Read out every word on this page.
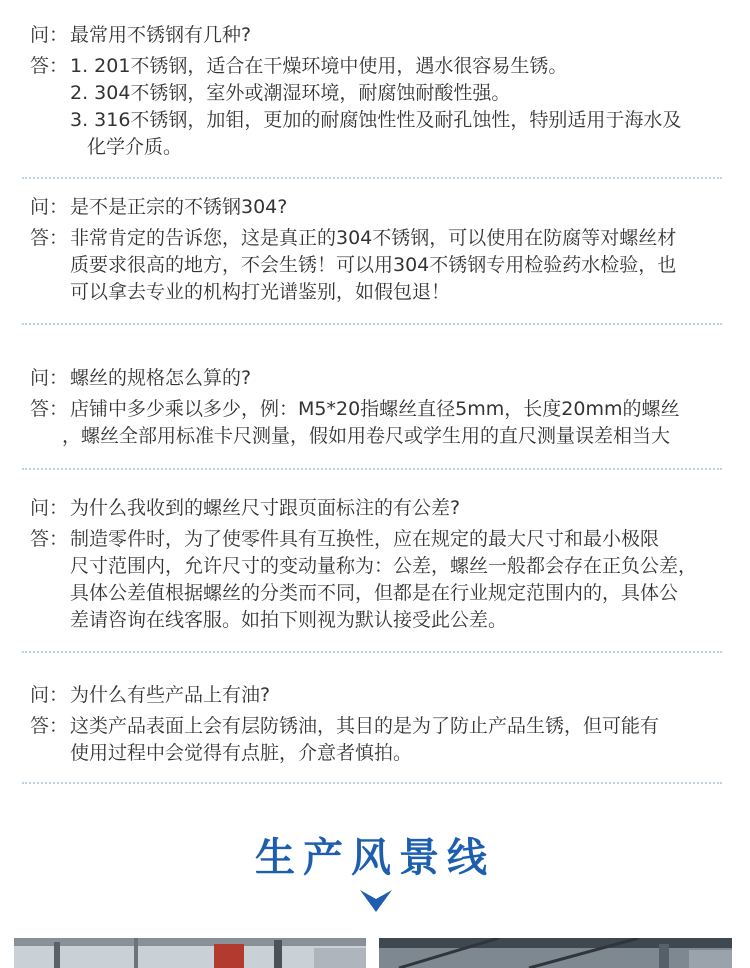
问： 最常用不锈钢有几种?
答： 1. 201不锈钢，适合在干燥环境中使用，遇水很容易生锈。
2. 304不锈钢，室外或潮湿环境，耐腐蚀耐酸性强。
3. 316不锈钢，加钼，更加的耐腐蚀性性及耐孔蚀性，特别适用于海水及
化学介质。
问： 是不是正宗的不锈钢304?
答： 非常肯定的告诉您，这是真正的304不锈钢，可以使用在防腐等对螺丝材
质要求很高的地方，不会生锈！可以用304不锈钢专用检验药水检验，也
可以拿去专业的机构打光谱鉴别，如假包退！
问： 螺丝的规格怎么算的?
答： 店铺中多少乘以多少，例：M5*20指螺丝直径5mm，长度20mm的螺丝
，螺丝全部用标准卡尺测量，假如用卷尺或学生用的直尺测量误差相当大
问： 为什么我收到的螺丝尺寸跟页面标注的有公差?
答： 制造零件时，为了使零件具有互换性，应在规定的最大尺寸和最小极限
尺寸范围内，允许尺寸的变动量称为：公差，螺丝一般都会存在正负公差，
具体公差值根据螺丝的分类而不同，但都是在行业规定范围内的，具体公
差请咨询在线客服。如拍下则视为默认接受此公差。
问： 为什么有些产品上有油?
答： 这类产品表面上会有层防锈油，其目的是为了防止产品生锈，但可能有
使用过程中会觉得有点脏，介意者慎拍。
生产风景线
